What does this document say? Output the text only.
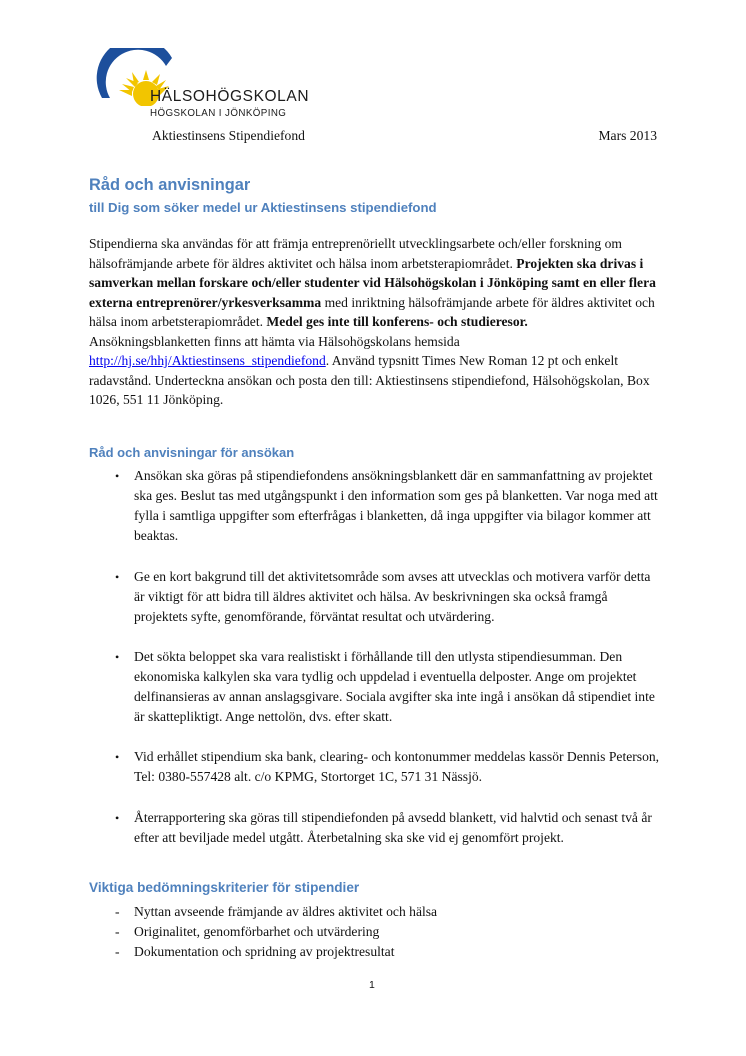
HÄLSOHÖGSKOLAN
HÖGSKOLAN I JÖNKÖPING
Aktiestinsens Stipendiefond	Mars 2013
Råd och anvisningar
till Dig som söker medel ur Aktiestinsens stipendiefond
Stipendierna ska användas för att främja entreprenöriellt utvecklingsarbete och/eller forskning om hälsofrämjande arbete för äldres aktivitet och hälsa inom arbetsterapiområdet. Projekten ska drivas i samverkan mellan forskare och/eller studenter vid Hälsohögskolan i Jönköping samt en eller flera externa entreprenörer/yrkesverksamma med inriktning hälsofrämjande arbete för äldres aktivitet och hälsa inom arbetsterapiområdet. Medel ges inte till konferens- och studieresor.
Ansökningsblanketten finns att hämta via Hälsohögskolans hemsida
http://hj.se/hhj/Aktiestinsens_stipendiefond. Använd typsnitt Times New Roman 12 pt och enkelt radavstånd. Underteckna ansökan och posta den till: Aktiestinsens stipendiefond, Hälsohögskolan, Box 1026, 551 11 Jönköping.
Råd och anvisningar för ansökan
• Ansökan ska göras på stipendiefondens ansökningsblankett där en sammanfattning av projektet ska ges. Beslut tas med utgångspunkt i den information som ges på blanketten. Var noga med att fylla i samtliga uppgifter som efterfrågas i blanketten, då inga uppgifter via bilagor kommer att beaktas.
• Ge en kort bakgrund till det aktivitetsområde som avses att utvecklas och motivera varför detta är viktigt för att bidra till äldres aktivitet och hälsa. Av beskrivningen ska också framgå projektets syfte, genomförande, förväntat resultat och utvärdering.
• Det sökta beloppet ska vara realistiskt i förhållande till den utlysta stipendiesumman. Den ekonomiska kalkylen ska vara tydlig och uppdelad i eventuella delposter. Ange om projektet delfinansieras av annan anslagsgivare. Sociala avgifter ska inte ingå i ansökan då stipendiet inte är skattepliktigt. Ange nettolön, dvs. efter skatt.
• Vid erhållet stipendium ska bank, clearing- och kontonummer meddelas kassör Dennis Peterson, Tel: 0380-557428 alt. c/o KPMG, Stortorget 1C, 571 31 Nässjö.
• Återrapportering ska göras till stipendiefonden på avsedd blankett, vid halvtid och senast två år efter att beviljade medel utgått. Återbetalning ska ske vid ej genomfört projekt.
Viktiga bedömningskriterier för stipendier
- Nyttan avseende främjande av äldres aktivitet och hälsa
- Originalitet, genomförbarhet och utvärdering
- Dokumentation och spridning av projektresultat
1
